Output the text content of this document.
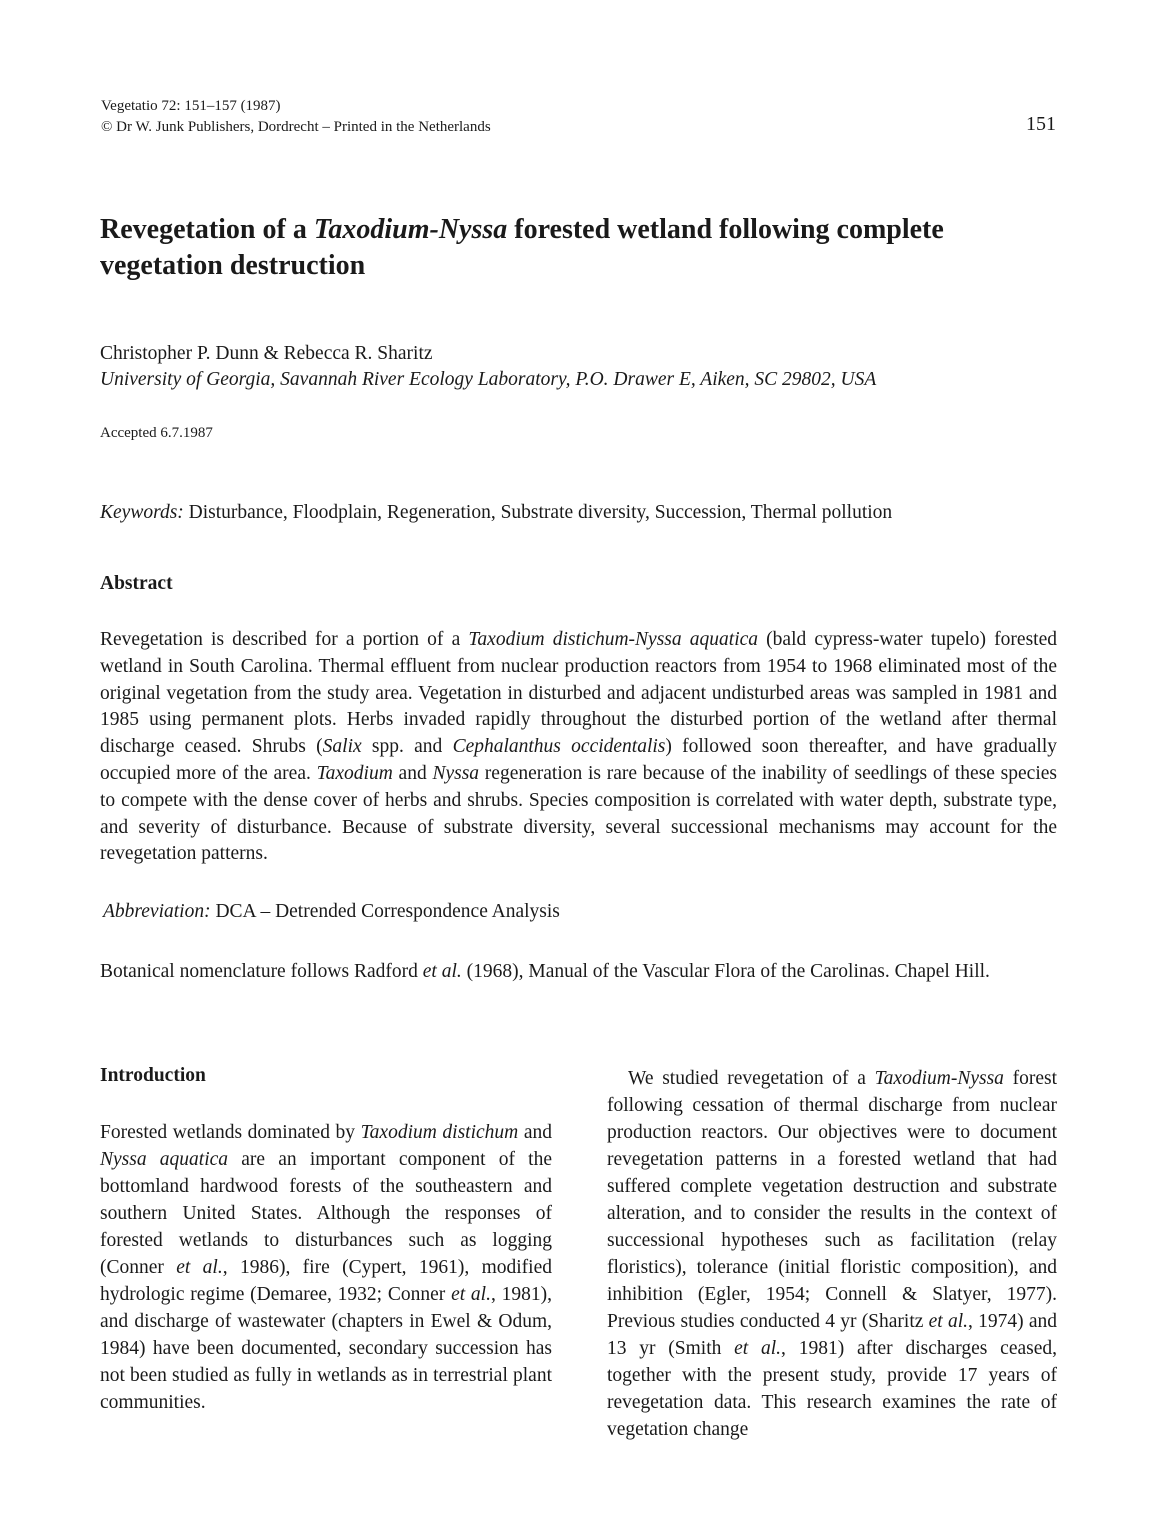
Vegetatio 72: 151–157 (1987)
© Dr W. Junk Publishers, Dordrecht – Printed in the Netherlands	151
Revegetation of a Taxodium-Nyssa forested wetland following complete vegetation destruction
Christopher P. Dunn & Rebecca R. Sharitz
University of Georgia, Savannah River Ecology Laboratory, P.O. Drawer E, Aiken, SC 29802, USA
Accepted 6.7.1987
Keywords: Disturbance, Floodplain, Regeneration, Substrate diversity, Succession, Thermal pollution
Abstract

Revegetation is described for a portion of a Taxodium distichum-Nyssa aquatica (bald cypress-water tupelo) forested wetland in South Carolina. Thermal effluent from nuclear production reactors from 1954 to 1968 eliminated most of the original vegetation from the study area. Vegetation in disturbed and adjacent undisturbed areas was sampled in 1981 and 1985 using permanent plots. Herbs invaded rapidly throughout the disturbed portion of the wetland after thermal discharge ceased. Shrubs (Salix spp. and Cephalanthus occidentalis) followed soon thereafter, and have gradually occupied more of the area. Taxodium and Nyssa regeneration is rare because of the inability of seedlings of these species to compete with the dense cover of herbs and shrubs. Species composition is correlated with water depth, substrate type, and severity of disturbance. Because of substrate diversity, several successional mechanisms may account for the revegetation patterns.

Abbreviation: DCA – Detrended Correspondence Analysis

Botanical nomenclature follows Radford et al. (1968), Manual of the Vascular Flora of the Carolinas. Chapel Hill.

Introduction

Forested wetlands dominated by Taxodium distichum and Nyssa aquatica are an important component of the bottomland hardwood forests of the southeastern and southern United States. Although the responses of forested wetlands to disturbances such as logging (Conner et al., 1986), fire (Cypert, 1961), modified hydrologic regime (Demaree, 1932; Conner et al., 1981), and discharge of wastewater (chapters in Ewel & Odum, 1984) have been documented, secondary succession has not been studied as fully in wetlands as in terrestrial plant communities.

We studied revegetation of a Taxodium-Nyssa forest following cessation of thermal discharge from nuclear production reactors. Our objectives were to document revegetation patterns in a forested wetland that had suffered complete vegetation destruction and substrate alteration, and to consider the results in the context of successional hypotheses such as facilitation (relay floristics), tolerance (initial floristic composition), and inhibition (Egler, 1954; Connell & Slatyer, 1977). Previous studies conducted 4 yr (Sharitz et al., 1974) and 13 yr (Smith et al., 1981) after discharges ceased, together with the present study, provide 17 years of revegetation data. This research examines the rate of vegetation change
